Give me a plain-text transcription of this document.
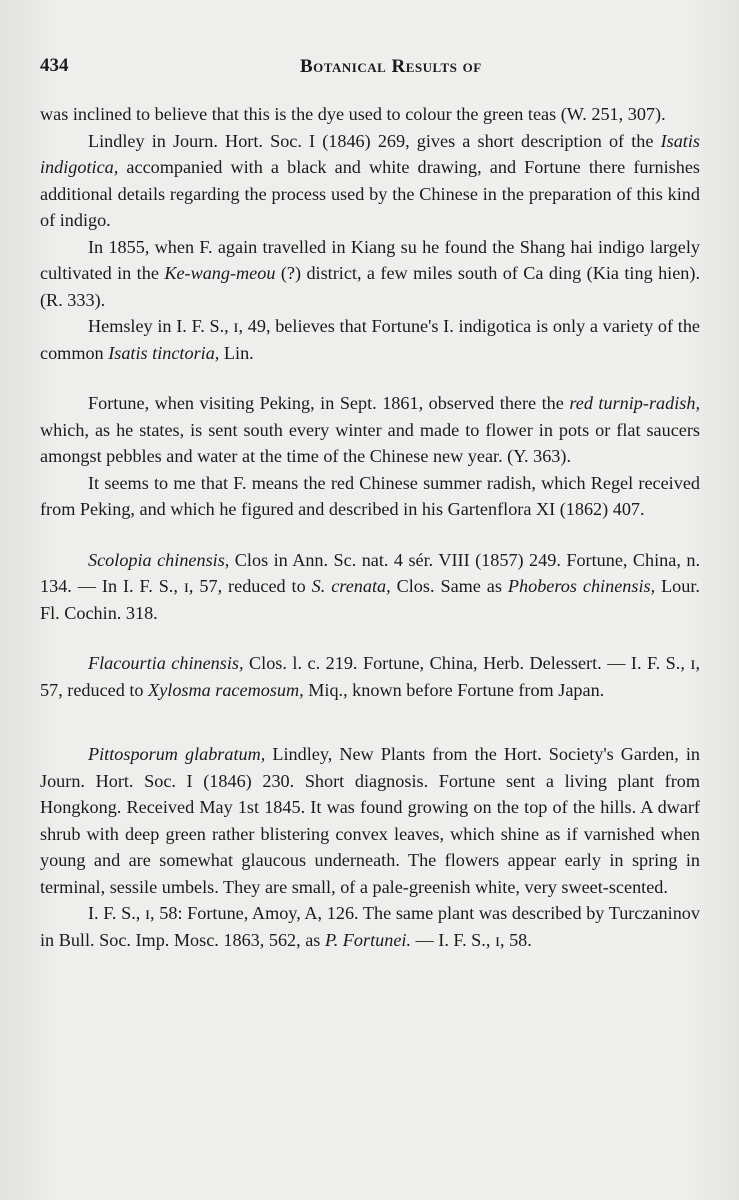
434	Botanical Results of

was inclined to believe that this is the dye used to colour the green teas (W. 251, 307).

Lindley in Journ. Hort. Soc. I (1846) 269, gives a short description of the Isatis indigotica, accompanied with a black and white drawing, and Fortune there furnishes additional details regarding the process used by the Chinese in the preparation of this kind of indigo.

In 1855, when F. again travelled in Kiang su he found the Shang hai indigo largely cultivated in the Ke-wang-meou (?) district, a few miles south of Ca ding (Kia ting hien). (R. 333).

Hemsley in I. F. S., ɪ, 49, believes that Fortune's I. indigotica is only a variety of the common Isatis tinctoria, Lin.

Fortune, when visiting Peking, in Sept. 1861, observed there the red turnip-radish, which, as he states, is sent south every winter and made to flower in pots or flat saucers amongst pebbles and water at the time of the Chinese new year. (Y. 363).

It seems to me that F. means the red Chinese summer radish, which Regel received from Peking, and which he figured and described in his Gartenflora XI (1862) 407.

Scolopia chinensis, Clos in Ann. Sc. nat. 4 sér. VIII (1857) 249. Fortune, China, n. 134. — In I. F. S., ɪ, 57, reduced to S. crenata, Clos. Same as Phoberos chinensis, Lour. Fl. Cochin. 318.

Flacourtia chinensis, Clos. l. c. 219. Fortune, China, Herb. Delessert. — I. F. S., ɪ, 57, reduced to Xylosma racemosum, Miq., known before Fortune from Japan.

Pittosporum glabratum, Lindley, New Plants from the Hort. Society's Garden, in Journ. Hort. Soc. I (1846) 230. Short diagnosis. Fortune sent a living plant from Hongkong. Received May 1st 1845. It was found growing on the top of the hills. A dwarf shrub with deep green rather blistering convex leaves, which shine as if varnished when young and are somewhat glaucous underneath. The flowers appear early in spring in terminal, sessile umbels. They are small, of a pale-greenish white, very sweet-scented.

I. F. S., ɪ, 58: Fortune, Amoy, A, 126. The same plant was described by Turczaninov in Bull. Soc. Imp. Mosc. 1863, 562, as P. Fortunei. — I. F. S., ɪ, 58.
